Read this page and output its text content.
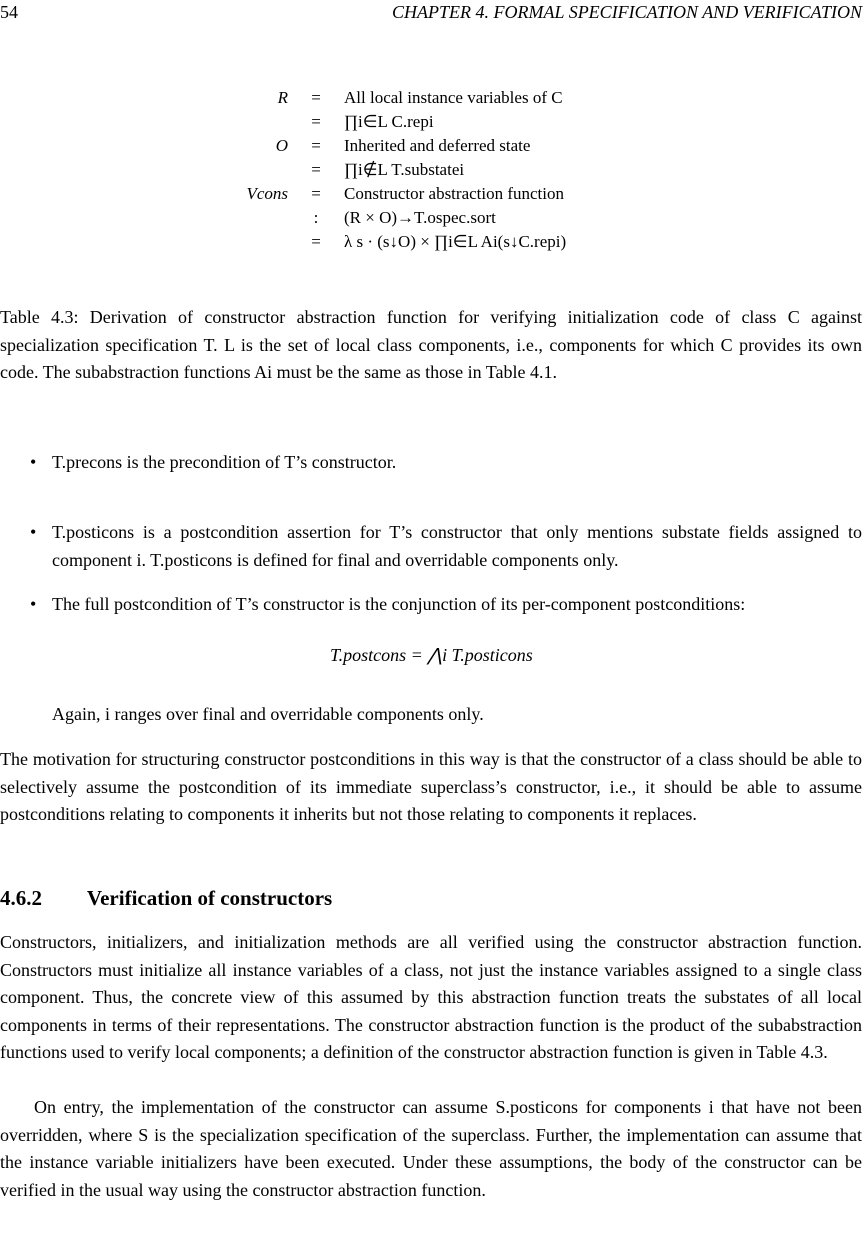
54	CHAPTER 4. FORMAL SPECIFICATION AND VERIFICATION
R	=	All local instance variables of C
	=	∏i∈L C.repi
O	=	Inherited and deferred state
	=	∏i∉L T.substatei
Vcons	=	Constructor abstraction function
	:	(R × O)→T.ospec.sort
	=	λ s · (s↓O) × ∏i∈L Ai(s↓C.repi)
Table 4.3: Derivation of constructor abstraction function for verifying initialization code of class C against specialization specification T. L is the set of local class components, i.e., components for which C provides its own code. The subabstraction functions Ai must be the same as those in Table 4.1.
• T.precons is the precondition of T’s constructor.
• T.posticons is a postcondition assertion for T’s constructor that only mentions substate fields assigned to component i. T.posticons is defined for final and overridable components only.
• The full postcondition of T’s constructor is the conjunction of its per-component postconditions:
T.postcons = ⋀i T.posticons
Again, i ranges over final and overridable components only.
The motivation for structuring constructor postconditions in this way is that the constructor of a class should be able to selectively assume the postcondition of its immediate superclass’s constructor, i.e., it should be able to assume postconditions relating to components it inherits but not those relating to components it replaces.
4.6.2 Verification of constructors
Constructors, initializers, and initialization methods are all verified using the constructor abstraction function. Constructors must initialize all instance variables of a class, not just the instance variables assigned to a single class component. Thus, the concrete view of this assumed by this abstraction function treats the substates of all local components in terms of their representations. The constructor abstraction function is the product of the subabstraction functions used to verify local components; a definition of the constructor abstraction function is given in Table 4.3.
On entry, the implementation of the constructor can assume S.posticons for components i that have not been overridden, where S is the specialization specification of the superclass. Further, the implementation can assume that the instance variable initializers have been executed. Under these assumptions, the body of the constructor can be verified in the usual way using the constructor abstraction function.
